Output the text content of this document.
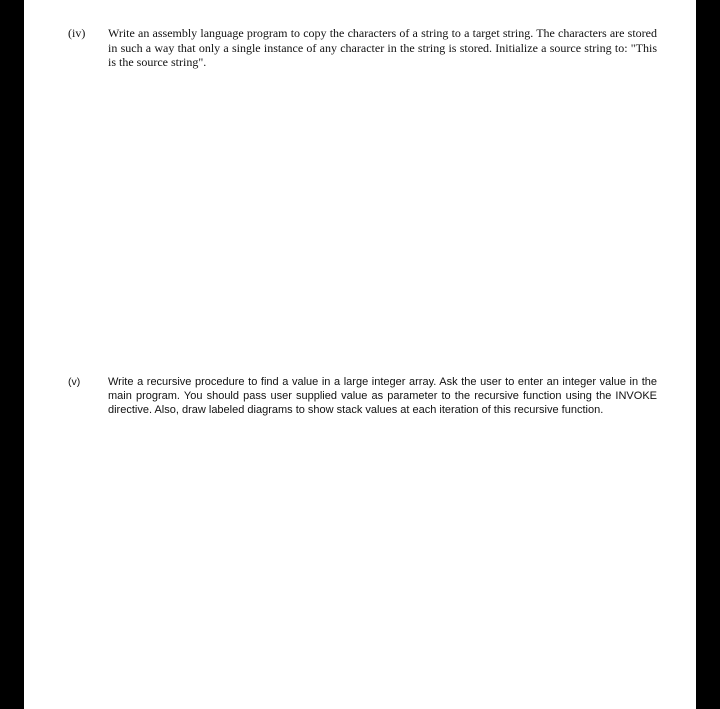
(iv) Write an assembly language program to copy the characters of a string to a target string. The characters are stored in such a way that only a single instance of any character in the string is stored. Initialize a source string to: "This is the source string".

(v)	Write a recursive procedure to find a value in a large integer array. Ask the user to enter an integer value in the main program. You should pass user supplied value as parameter to the recursive function using the INVOKE directive. Also, draw labeled diagrams to show stack values at each iteration of this recursive function.
